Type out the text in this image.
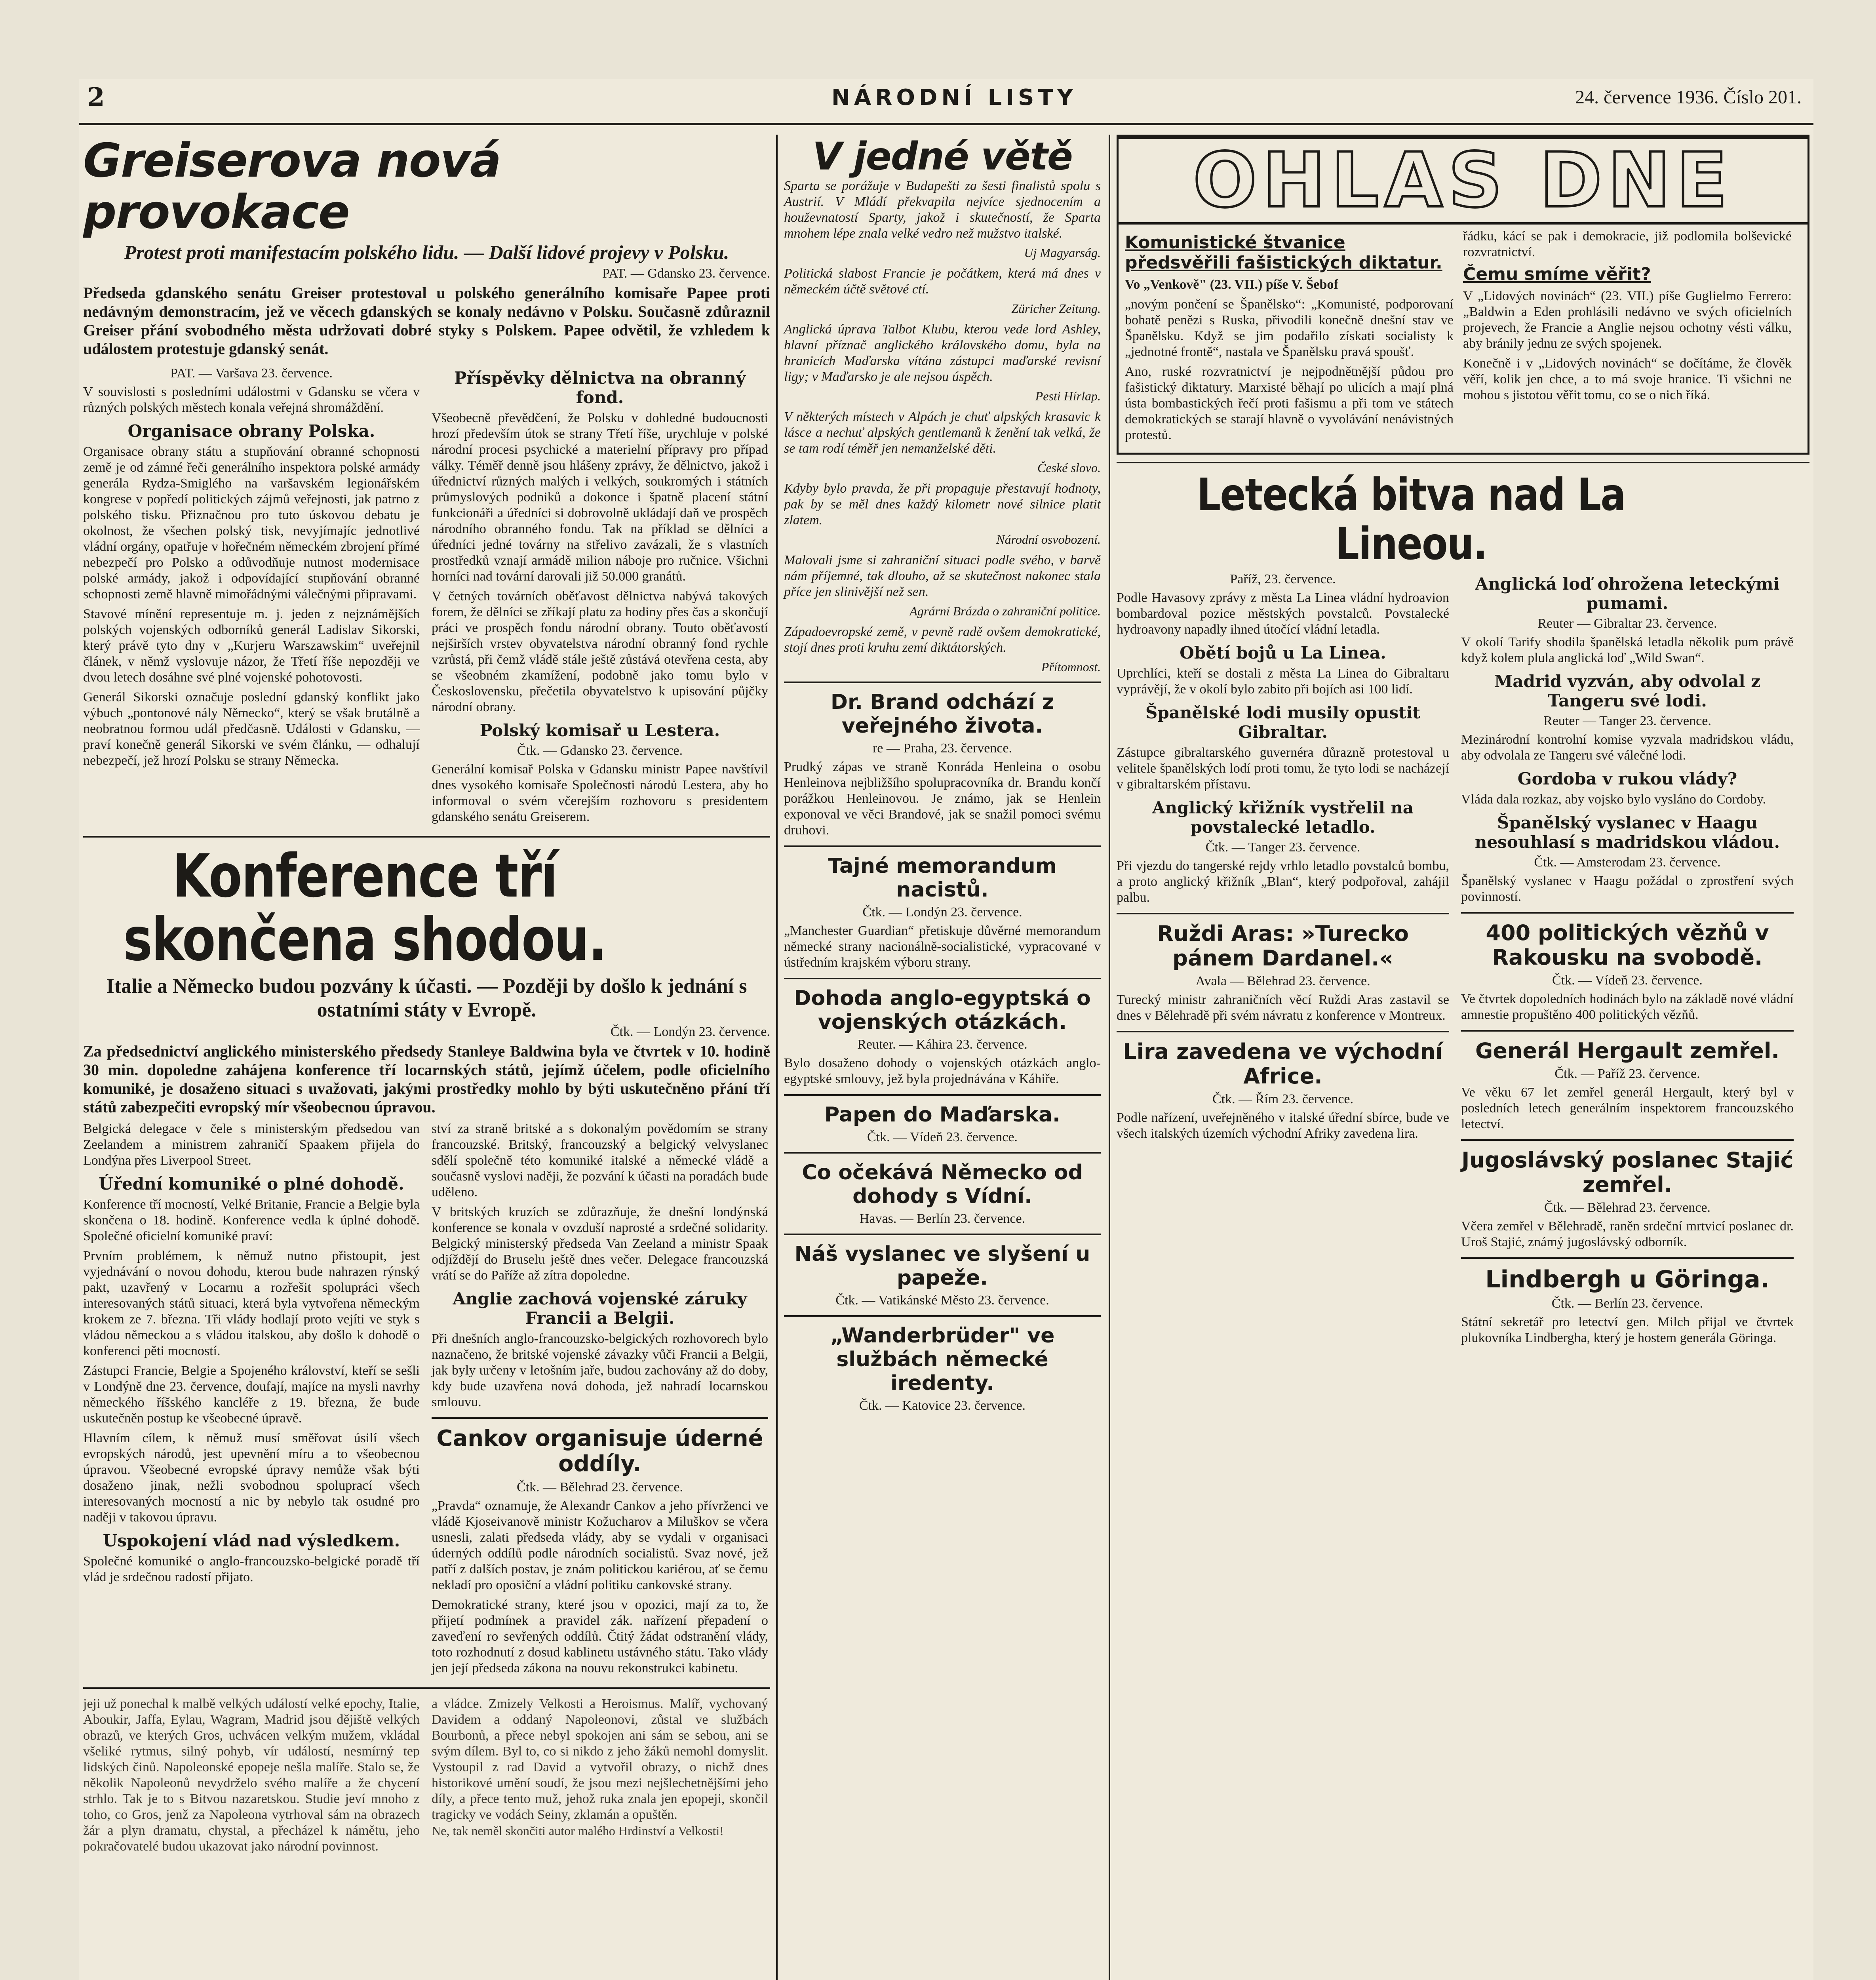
2	NÁRODNÍ LISTY	24. července 1936. Číslo 201.
Greiserova nová provokace
Protest proti manifestacím polského lidu. — Další lidové projevy v Polsku.
PAT. — Gdansko 23. července.

Předseda gdanského senátu Greiser protestoval u polského generálního komisaře Papee proti nedávným demonstracím, jež ve věcech gdanských se konaly nedávno v Polsku. Současně zdůraznil Greiser přání svobodného města udržovati dobré styky s Polskem. Papee odvětil, že vzhledem k událostem protestuje gdanský senát.

PAT. — Varšava 23. července.

V souvislosti s posledními událostmi v Gdansku se včera v různých polských městech konala veřejná shromáždění.

Organisace obrany Polska.

Organisace obrany státu a stupňování obranné schopnosti země je od zámné řeči generálního inspektora polské armády generála Rydza-Smiglého na varšavském legionářském kongrese v popředí politických zájmů veřejnosti, jak patrno z polského tisku. Přiznačnou pro tuto úskovou debatu je okolnost, že všechen polský tisk, nevyjímajíc jednotlivé vládní orgány, opatřuje v hořečném německém zbrojení přímé nebezpečí pro Polsko a odůvodňuje nutnost modernisace polské armády, jakož i odpovídající stupňování obranné schopnosti země hlavně mimořádnými válečnými připravami.

Stavové mínění representuje m. j. jeden z nejznámějších polských vojenských odborníků generál Ladislav Sikorski, který právě tyto dny v „Kurjeru Warszawskim“ uveřejnil článek, v němž vyslovuje názor, že Třetí říše nepozději ve dvou letech dosáhne své plné vojenské pohotovosti.

Generál Sikorski označuje poslední gdanský konflikt jako výbuch „pontonové nály Německo“, který se však brutálně a neobratnou formou udál předčasně. Události v Gdansku, — praví konečně generál Sikorski ve svém článku, — odhalují nebezpečí, jež hrozí Polsku se strany Německa.

Příspěvky dělnictva na obranný fond.

Všeobecně převědčení, že Polsku v dohledné budoucnosti hrozí především útok se strany Třetí říše, urychluje v polské národní procesi psychické a materielní přípravy pro případ války. Téměř denně jsou hlášeny zprávy, že dělnictvo, jakož i úřednictví různých malých i velkých, soukromých i státních průmyslových podniků a dokonce i špatně placení státní funkcionáři a úředníci si dobrovolně ukládají daň ve prospěch národního obranného fondu. Tak na příklad se dělníci a úředníci jedné továrny na střelivo zavázali, že s vlastních prostředků vznají armádě milion náboje pro ručnice. Všichni horníci nad tovární darovali již 50.000 granátů.

V četných továrních oběťavost dělnictva nabývá takových forem, že dělníci se zříkají platu za hodiny přes čas a skončují práci ve prospěch fondu národní obrany. Touto oběťavostí nejširších vrstev obyvatelstva národní obranný fond rychle vzrůstá, při čemž vládě stále ještě zůstává otevřena cesta, aby se všeobném zkamížení, podobně jako tomu bylo v Československu, přečetila obyvatelstvo k upisování půjčky národní obrany.

Polský komisař u Lestera.
Čtk. — Gdansko 23. července.

Generální komisař Polska v Gdansku ministr Papee navštívil dnes vysokého komisaře Společnosti národů Lestera, aby ho informoval o svém včerejším rozhovoru s presidentem gdanského senátu Greiserem.

Konference tří skončena shodou.
Italie a Německo budou pozvány k účasti. — Později by došlo k jednání s ostatními státy v Evropě.
Čtk. — Londýn 23. července.

Za předsednictví anglického ministerského předsedy Stanleye Baldwina byla ve čtvrtek v 10. hodině 30 min. dopoledne zahájena konference tří locarnských států, jejímž účelem, podle oficielního komuniké, je dosaženo situaci s uvažovati, jakými prostředky mohlo by býti uskutečněno přání tří států zabezpečiti evropský mír všeobecnou úpravou.

Belgická delegace v čele s ministerským předsedou van Zeelandem a ministrem zahraničí Spaakem přijela do Londýna přes Liverpool Street.

Úřední komuniké o plné dohodě.

Konference tří mocností, Velké Britanie, Francie a Belgie byla skončena o 18. hodině. Konference vedla k úplné dohodě. Společné oficielní komuniké praví:

Prvním problémem, k němuž nutno přistoupit, jest vyjednávání o novou dohodu, kterou bude nahrazen rýnský pakt, uzavřený v Locarnu a rozřešit spolupráci všech interesovaných států situaci, která byla vytvořena německým krokem ze 7. března. Tři vlády hodlají proto vejíti ve styk s vládou německou a s vládou italskou, aby došlo k dohodě o konferenci pěti mocností.

Zástupci Francie, Belgie a Spojeného království, kteří se sešli v Londýně dne 23. července, doufají, majíce na mysli navrhy německého říšského kancléře z 19. března, že bude uskutečněn postup ke všeobecné úpravě.

Hlavním cílem, k němuž musí směřovat úsilí všech evropských národů, jest upevnění míru a to všeobecnou úpravou. Všeobecné evropské úpravy nemůže však býti dosaženo jinak, nežli svobodnou spoluprací všech interesovaných mocností a nic by nebylo tak osudné pro naději v takovou úpravu.

Uspokojení vlád nad výsledkem.

Společné komuniké o anglo-francouzsko-belgické poradě tří vlád je srdečnou radostí přijato.

ství za straně britské a s dokonalým povědomím se strany francouzské. Britský, francouzský a belgický velvyslanec sdělí společně této komuniké italské a německé vládě a současně vyslovi naději, že pozvání k účasti na poradách bude uděleno.

V britských kruzích se zdůrazňuje, že dnešní londýnská konference se konala v ovzduší naprosté a srdečné solidarity. Belgický ministerský předseda Van Zeeland a ministr Spaak odjíždějí do Bruselu ještě dnes večer. Delegace francouzská vrátí se do Paříže až zítra dopoledne.

Anglie zachová vojenské záruky Francii a Belgii.

Při dnešních anglo-francouzsko-belgických rozhovorech bylo naznačeno, že britské vojenské závazky vůči Francii a Belgii, jak byly určeny v letošním jaře, budou zachovány až do doby, kdy bude uzavřena nová dohoda, jež nahradí locarnskou smlouvu.

Cankov organisuje úderné oddíly.
Čtk. — Bělehrad 23. července.

„Pravda“ oznamuje, že Alexandr Cankov a jeho přívrženci ve vládě Kjoseivanově ministr Kožucharov a Miluškov se včera usnesli, zalati předseda vlády, aby se vydali v organisaci úderných oddílů podle národních socialistů. Svaz nové, jež patří z dalších postav, je znám politickou kariérou, ať se čemu nekladí pro oposiční a vládní politiku cankovské strany.

Demokratické strany, které jsou v opozici, mají za to, že přijetí podmínek a pravidel zák. nařízení přepadení o zaveďení ro sevřených oddílů. Čtitý žádat odstranění vlády, toto rozhodnutí z dosud kablinetu ustávného státu. Tako vlády jen její předseda zákona na nouvu rekonstrukci kabinetu.

jeji už ponechal k malbě velkých událostí velké epochy, Italie, Aboukir, Jaffa, Eylau, Wagram, Madrid jsou dějiště velkých obrazů, ve kterých Gros, uchvácen velkým mužem, vkládal všeliké rytmus, silný pohyb, vír událostí, nesmírný tep lidských činů. Napoleonské epopeje nešla malíře. Stalo se, že několik Napoleonů nevydrželo svého malíře a že chycení strhlo. Tak je to s Bitvou nazaretskou. Studie jeví mnoho z toho, co Gros, jenž za Napoleona vytrhoval sám na obrazech žár a plyn dramatu, chystal, a přecházel k námětu, jeho pokračovatelé budou ukazovat jako národní povinnost.
a vládce. Zmizely Velkosti a Heroismus. Malíř, vychovaný Davidem a oddaný Napoleonovi, zůstal ve službách Bourbonů, a přece nebyl spokojen ani sám se sebou, ani se svým dílem. Byl to, co si nikdo z jeho žáků nemohl domyslit. Vystoupil z rad David a vytvořil obrazy, o nichž dnes historikové umění soudí, že jsou mezi nejšlechetnějšími jeho díly, a přece tento muž, jehož ruka znala jen epopeji, skončil tragicky ve vodách Seiny, zklamán a opuštěn.

Ne, tak neměl skončiti autor malého Hrdinství a Velkosti!

V jedné větě

Sparta se porážuje v Budapešti za šesti finalistů spolu s Austrií. V Mládí překvapila nejvíce sjednocením a houževnatostí Sparty, jakož i skutečností, že Sparta mnohem lépe znala velké vedro než mužstvo italské.

Uj Magyarság.

Politická slabost Francie je počátkem, která má dnes v německém účtě světové ctí.

Züricher Zeitung.

Anglická úprava Talbot Klubu, kterou vede lord Ashley, hlavní příznač anglického královského domu, byla na hranicích Maďarska vítána zástupci maďarské revisní ligy; v Maďarsko je ale nejsou úspěch.

Pesti Hírlap.

V některých místech v Alpách je chuť alpských krasavic k lásce a nechuť alpských gentlemanů k ženění tak velká, že se tam rodí téměř jen nemanželské děti.

České slovo.

Kdyby bylo pravda, že při propaguje přestavují hodnoty, pak by se měl dnes každý kilometr nové silnice platit zlatem.

Národní osvobození.

Malovali jsme si zahraniční situaci podle svého, v barvě nám příjemné, tak dlouho, až se skutečnost nakonec stala příce jen slinivější než sen.

Agrární Brázda o zahraniční politice.

Západoevropské země, v pevně radě ovšem demokratické, stojí dnes proti kruhu zemí diktátorských.

Přítomnost.
Dr. Brand odchází z veřejného života.
re — Praha, 23. července.

Prudký zápas ve straně Konráda Henleina o osobu Henleinova nejbližšího spolupracovníka dr. Brandu končí porážkou Henleinovou. Je známo, jak se Henlein exponoval ve věci Brandové, jak se snažil pomoci svému druhovi.

Tajné memorandum nacistů.
Čtk. — Londýn 23. července.

„Manchester Guardian“ přetiskuje důvěrné memorandum německé strany nacionálně-socialistické, vypracované v ústředním krajském výboru strany.

Dohoda anglo-egyptská o vojenských otázkách.
Reuter. — Káhira 23. července.

Bylo dosaženo dohody o vojenských otázkách anglo-egyptské smlouvy, jež byla projednávána v Káhiře.

Papen do Maďarska.
Čtk. — Vídeň 23. července.
Co očekává Německo od dohody s Vídní.
Havas. — Berlín 23. července.
Náš vyslanec ve slyšení u papeže.
Čtk. — Vatikánské Město 23. července.
„Wanderbrüder" ve službách německé iredenty.
Čtk. — Katovice 23. července.
OHLAS DNE
Komunistické štvanice předsvěřili fašistických diktatur.
Vo „Venkově" (23. VII.) píše V. Šebof

„novým pončení se Španělsko“: „Komunisté, podporovaní bohatě penězi s Ruska, přivodili konečně dnešní stav ve Španělsku. Když se jim podařilo získati socialisty k „jednotné frontě“, nastala ve Španělsku pravá spoušť.

Ano, ruské rozvratnictví je nejpodnětnější půdou pro fašistický diktatury. Marxisté běhají po ulicích a mají plná ústa bombastických řečí proti fašismu a při tom ve státech demokratických se starají hlavně o vyvolávání nenávistných protestů.

řádku, kácí se pak i demokracie, již podlomila bolševické rozvratnictví.

Čemu smíme věřit?

V „Lidových novinách“ (23. VII.) píše Guglielmo Ferrero: „Baldwin a Eden prohlásili nedávno ve svých oficielních projevech, že Francie a Anglie nejsou ochotny vésti válku, aby bránily jednu ze svých spojenek.

Konečně i v „Lidových novinách“ se dočítáme, že člověk věří, kolik jen chce, a to má svoje hranice. Ti všichni ne mohou s jistotou věřit tomu, co se o nich říká.

Letecká bitva nad La Lineou.
Paříž, 23. července.

Podle Havasovy zprávy z města La Linea vládní hydroavion bombardoval pozice městských povstalců. Povstalecké hydroavony napadly ihned útočící vládní letadla.

Obětí bojů u La Linea.

Uprchlíci, kteří se dostali z města La Linea do Gibraltaru vyprávějí, že v okolí bylo zabito při bojích asi 100 lidí.

Španělské lodi musily opustit Gibraltar.

Zástupce gibraltarského guvernéra důrazně protestoval u velitele španělských lodí proti tomu, že tyto lodi se nacházejí v gibraltarském přístavu.

Anglický křižník vystřelil na povstalecké letadlo.
Čtk. — Tanger 23. července.

Při vjezdu do tangerské rejdy vrhlo letadlo povstalců bombu, a proto anglický křižník „Blan“, který podpořoval, zahájil palbu.

Ruždi Aras: »Turecko pánem Dardanel.«
Avala — Bělehrad 23. července.

Turecký ministr zahraničních věcí Ruždi Aras zastavil se dnes v Bělehradě při svém návratu z konference v Montreux.

Lira zavedena ve východní Africe.
Čtk. — Řím 23. července.

Podle nařízení, uveřejněného v italské úřední sbírce, bude ve všech italských územích východní Afriky zavedena lira.

Anglická loď ohrožena leteckými pumami.
Reuter — Gibraltar 23. července.

V okolí Tarify shodila španělská letadla několik pum právě když kolem plula anglická loď „Wild Swan“.

Madrid vyzván, aby odvolal z Tangeru své lodi.
Reuter — Tanger 23. července.

Mezinárodní kontrolní komise vyzvala madridskou vládu, aby odvolala ze Tangeru své válečné lodi.

Gordoba v rukou vlády?

Vláda dala rozkaz, aby vojsko bylo vysláno do Cordoby.

Španělský vyslanec v Haagu nesouhlasí s madridskou vládou.
Čtk. — Amsterodam 23. července.

Španělský vyslanec v Haagu požádal o zprostření svých povinností.

400 politických vězňů v Rakousku na svobodě.
Čtk. — Vídeň 23. července.

Ve čtvrtek dopoledních hodinách bylo na základě nové vládní amnestie propuštěno 400 politických vězňů.

Generál Hergault zemřel.
Čtk. — Paříž 23. července.

Ve věku 67 let zemřel generál Hergault, který byl v posledních letech generálním inspektorem francouzského letectví.

Jugoslávský poslanec Stajić zemřel.
Čtk. — Bělehrad 23. července.

Včera zemřel v Bělehradě, raněn srdeční mrtvicí poslanec dr. Uroš Stajić, známý jugoslávský odborník.

Lindbergh u Göringa.
Čtk. — Berlín 23. července.

Státní sekretář pro letectví gen. Milch přijal ve čtvrtek plukovníka Lindbergha, který je hostem generála Göringa.
